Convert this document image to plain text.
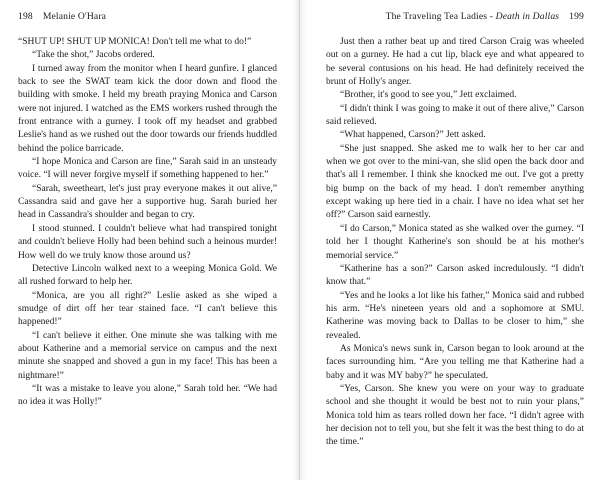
198 Melanie O'Hara

“SHUT UP! SHUT UP MONICA! Don't tell me what to do!”

“Take the shot,” Jacobs ordered.

I turned away from the monitor when I heard gunfire. I glanced back to see the SWAT team kick the door down and flood the building with smoke. I held my breath praying Monica and Carson were not injured. I watched as the EMS workers rushed through the front entrance with a gurney. I took off my headset and grabbed Leslie's hand as we rushed out the door towards our friends huddled behind the police barricade.

“I hope Monica and Carson are fine,” Sarah said in an unsteady voice. “I will never forgive myself if something happened to her.”

“Sarah, sweetheart, let's just pray everyone makes it out alive,” Cassandra said and gave her a supportive hug. Sarah buried her head in Cassandra's shoulder and began to cry.

I stood stunned. I couldn't believe what had transpired tonight and couldn't believe Holly had been behind such a heinous murder! How well do we truly know those around us?

Detective Lincoln walked next to a weeping Monica Gold. We all rushed forward to help her.

“Monica, are you all right?” Leslie asked as she wiped a smudge of dirt off her tear stained face. “I can't believe this happened!”

“I can't believe it either. One minute she was talking with me about Katherine and a memorial service on campus and the next minute she snapped and shoved a gun in my face! This has been a nightmare!”

“It was a mistake to leave you alone,” Sarah told her. “We had no idea it was Holly!”

The Traveling Tea Ladies - Death in Dallas 199

Just then a rather beat up and tired Carson Craig was wheeled out on a gurney. He had a cut lip, black eye and what appeared to be several contusions on his head. He had definitely received the brunt of Holly's anger.

“Brother, it's good to see you,” Jett exclaimed.

“I didn't think I was going to make it out of there alive,” Carson said relieved.

“What happened, Carson?” Jett asked.

“She just snapped. She asked me to walk her to her car and when we got over to the mini-van, she slid open the back door and that's all I remember. I think she knocked me out. I've got a pretty big bump on the back of my head. I don't remember anything except waking up here tied in a chair. I have no idea what set her off?” Carson said earnestly.

“I do Carson,” Monica stated as she walked over the gurney. “I told her I thought Katherine's son should be at his mother's memorial service.”

“Katherine has a son?” Carson asked incredulously. “I didn't know that.”

“Yes and he looks a lot like his father,” Monica said and rubbed his arm. “He's nineteen years old and a sophomore at SMU. Katherine was moving back to Dallas to be closer to him,” she revealed.

As Monica's news sunk in, Carson began to look around at the faces surrounding him. “Are you telling me that Katherine had a baby and it was MY baby?” he speculated.

“Yes, Carson. She knew you were on your way to graduate school and she thought it would be best not to ruin your plans,” Monica told him as tears rolled down her face. “I didn't agree with her decision not to tell you, but she felt it was the best thing to do at the time.”
